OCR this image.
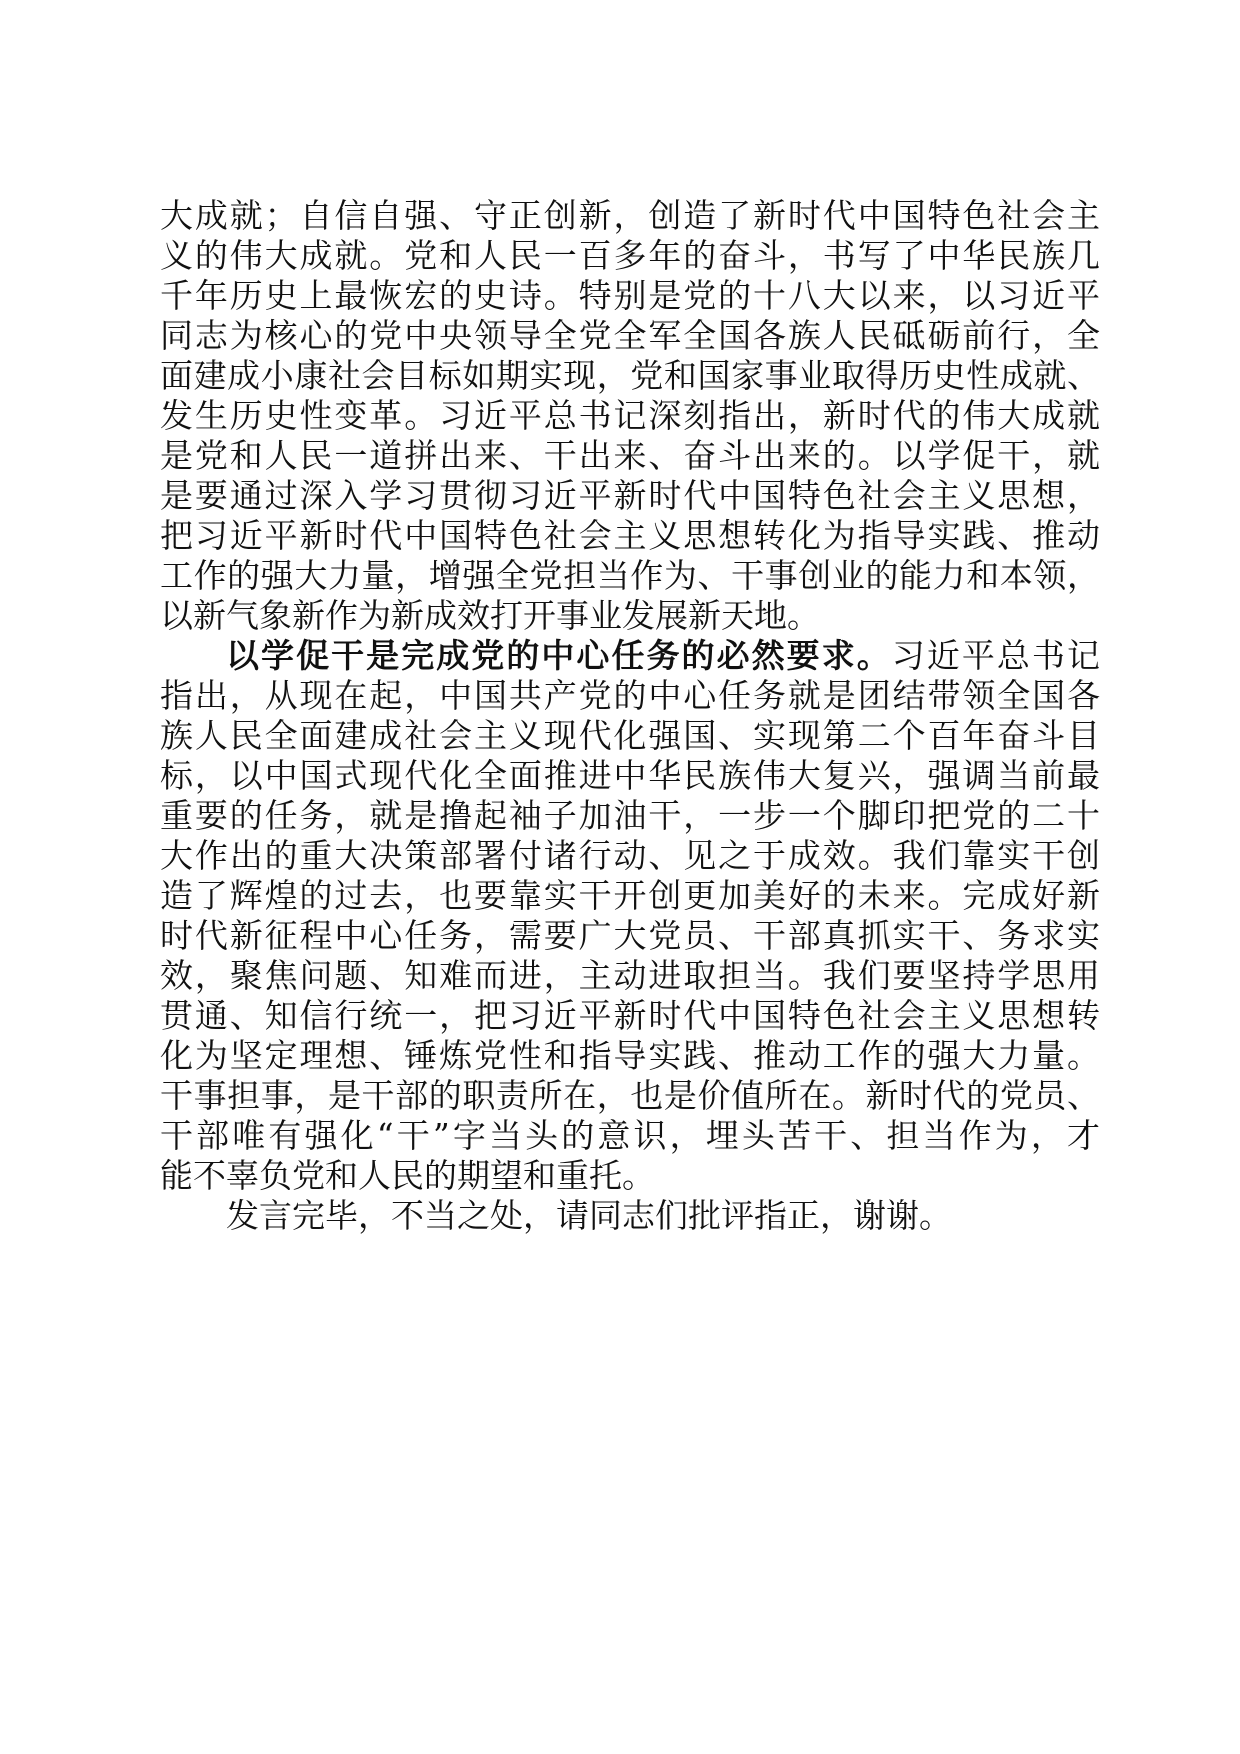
大成就；自信自强、守正创新，创造了新时代中国特色社会主
义的伟大成就。党和人民一百多年的奋斗，书写了中华民族几
千年历史上最恢宏的史诗。特别是党的十八大以来，以习近平
同志为核心的党中央领导全党全军全国各族人民砥砺前行，全
面建成小康社会目标如期实现，党和国家事业取得历史性成就、
发生历史性变革。习近平总书记深刻指出，新时代的伟大成就
是党和人民一道拼出来、干出来、奋斗出来的。以学促干，就
是要通过深入学习贯彻习近平新时代中国特色社会主义思想，
把习近平新时代中国特色社会主义思想转化为指导实践、推动
工作的强大力量，增强全党担当作为、干事创业的能力和本领，
以新气象新作为新成效打开事业发展新天地。
以学促干是完成党的中心任务的必然要求。习近平总书记
指出，从现在起，中国共产党的中心任务就是团结带领全国各
族人民全面建成社会主义现代化强国、实现第二个百年奋斗目
标，以中国式现代化全面推进中华民族伟大复兴，强调当前最
重要的任务，就是撸起袖子加油干，一步一个脚印把党的二十
大作出的重大决策部署付诸行动、见之于成效。我们靠实干创
造了辉煌的过去，也要靠实干开创更加美好的未来。完成好新
时代新征程中心任务，需要广大党员、干部真抓实干、务求实
效，聚焦问题、知难而进，主动进取担当。我们要坚持学思用
贯通、知信行统一，把习近平新时代中国特色社会主义思想转
化为坚定理想、锤炼党性和指导实践、推动工作的强大力量。
干事担事，是干部的职责所在，也是价值所在。新时代的党员、
干部唯有强化“干”字当头的意识，埋头苦干、担当作为，才
能不辜负党和人民的期望和重托。
发言完毕，不当之处，请同志们批评指正，谢谢。
